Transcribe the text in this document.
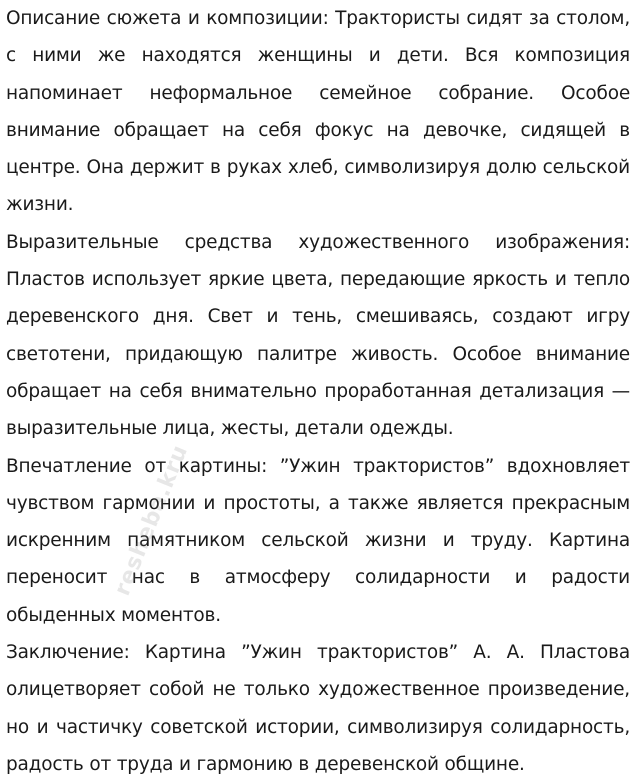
Описание сюжета и композиции: Трактористы сидят за столом, с ними же находятся женщины и дети. Вся композиция напоминает неформальное семейное собрание. Особое внимание обращает на себя фокус на девочке, сидящей в центре. Она держит в руках хлеб, символизируя долю сельской жизни.

Выразительные средства художественного изображения: Пластов использует яркие цвета, передающие яркость и тепло деревенского дня. Свет и тень, смешиваясь, создают игру светотени, придающую палитре живость. Особое внимание обращает на себя внимательно проработанная детализация — выразительные лица, жесты, детали одежды.

Впечатление от картины: ”Ужин трактористов” вдохновляет чувством гармонии и простоты, а также является прекрасным искренним памятником сельской жизни и труду. Картина переносит нас в атмосферу солидарности и радости обыденных моментов.

Заключение: Картина ”Ужин трактористов” А. А. Пластова олицетворяет собой не только художественное произведение, но и частичку советской истории, символизируя солидарность, радость от труда и гармонию в деревенской общине.

resheba.kru
